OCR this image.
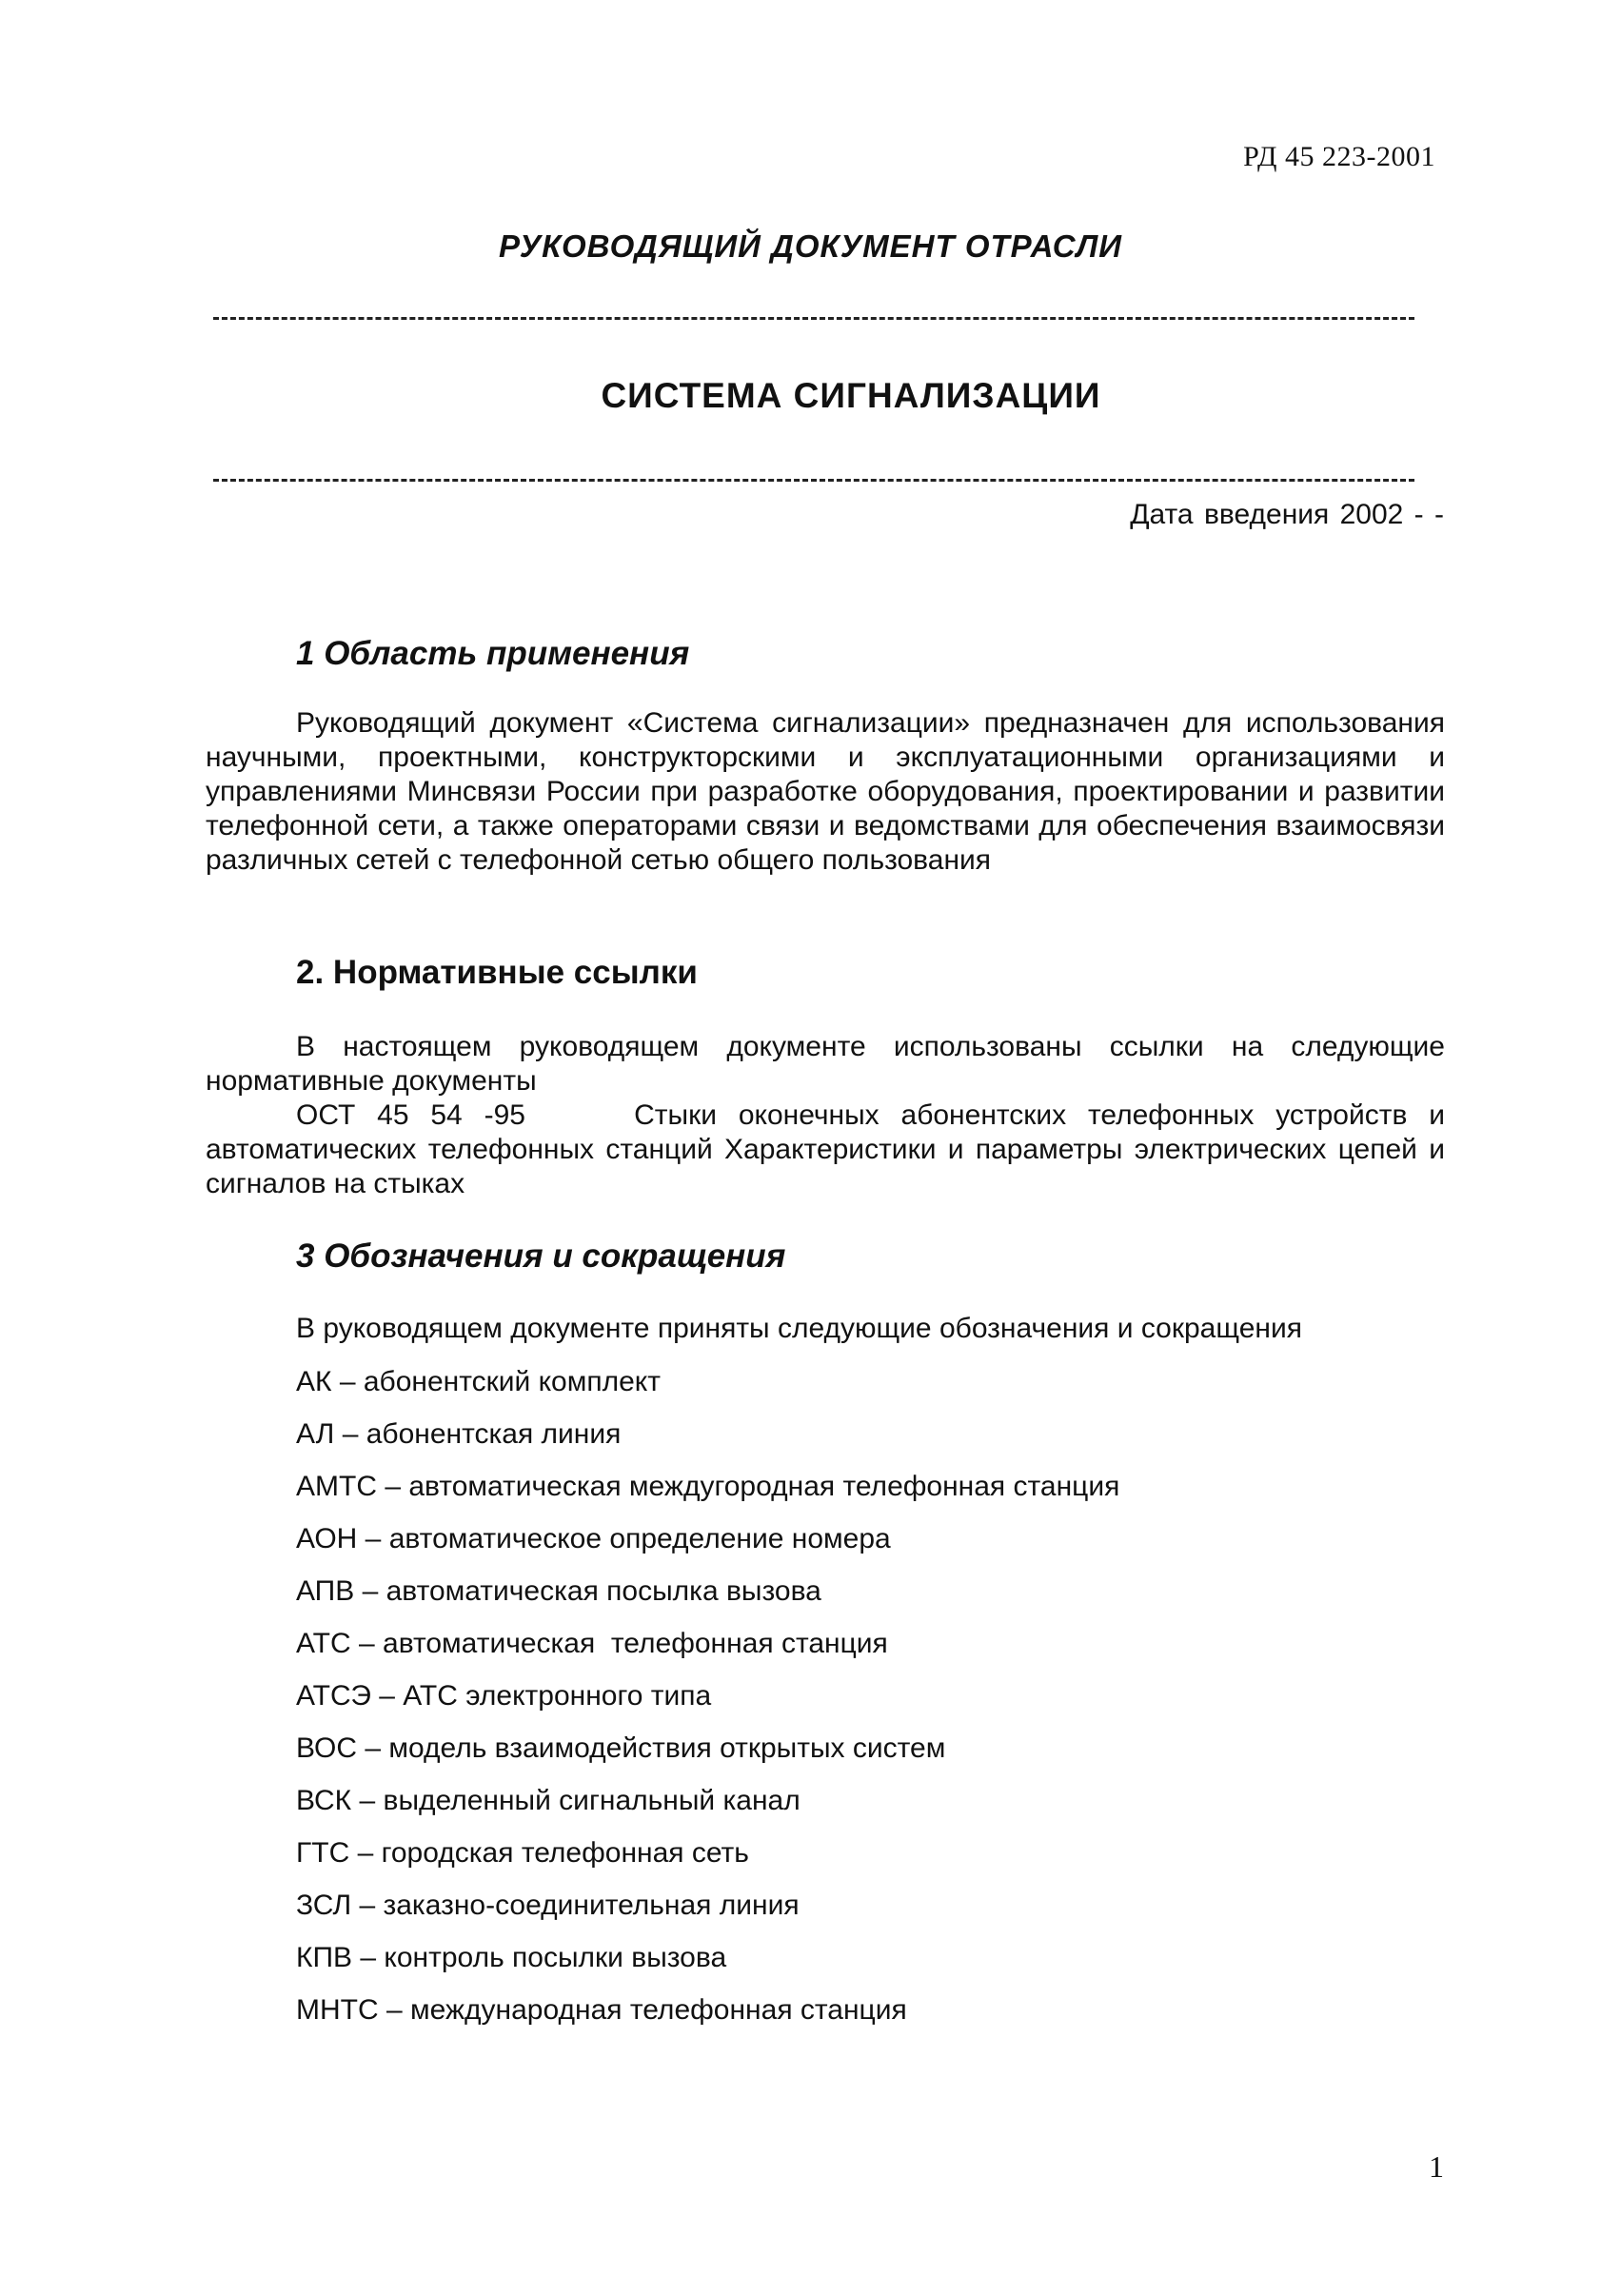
РД 45 223-2001
РУКОВОДЯЩИЙ ДОКУМЕНТ ОТРАСЛИ
СИСТЕМА СИГНАЛИЗАЦИИ
Дата введения 2002 - -
1 Область применения
Руководящий документ «Система сигнализации» предназначен для использования научными, проектными, конструкторскими и эксплуатационными организациями и управлениями Минсвязи России при разработке оборудования, проектировании и развитии телефонной сети, а также операторами связи и ведомствами для обеспечения взаимосвязи различных сетей с телефонной сетью общего пользования
2. Нормативные ссылки
В настоящем руководящем документе использованы ссылки на следующие нормативные документы
ОСТ 45 54 -95     Стыки оконечных абонентских телефонных устройств и автоматических телефонных станций Характеристики и параметры электрических цепей и сигналов на стыках
3 Обозначения и сокращения
В руководящем документе приняты следующие обозначения и сокращения
АК – абонентский комплект
АЛ – абонентская линия
АМТС – автоматическая междугородная телефонная станция
АОН – автоматическое определение номера
АПВ – автоматическая посылка вызова
АТС – автоматическая  телефонная станция
АТСЭ – АТС электронного типа
ВОС – модель взаимодействия открытых систем
ВСК – выделенный сигнальный канал
ГТС – городская телефонная сеть
ЗСЛ – заказно-соединительная линия
КПВ – контроль посылки вызова
МНТС – международная телефонная станция
1
